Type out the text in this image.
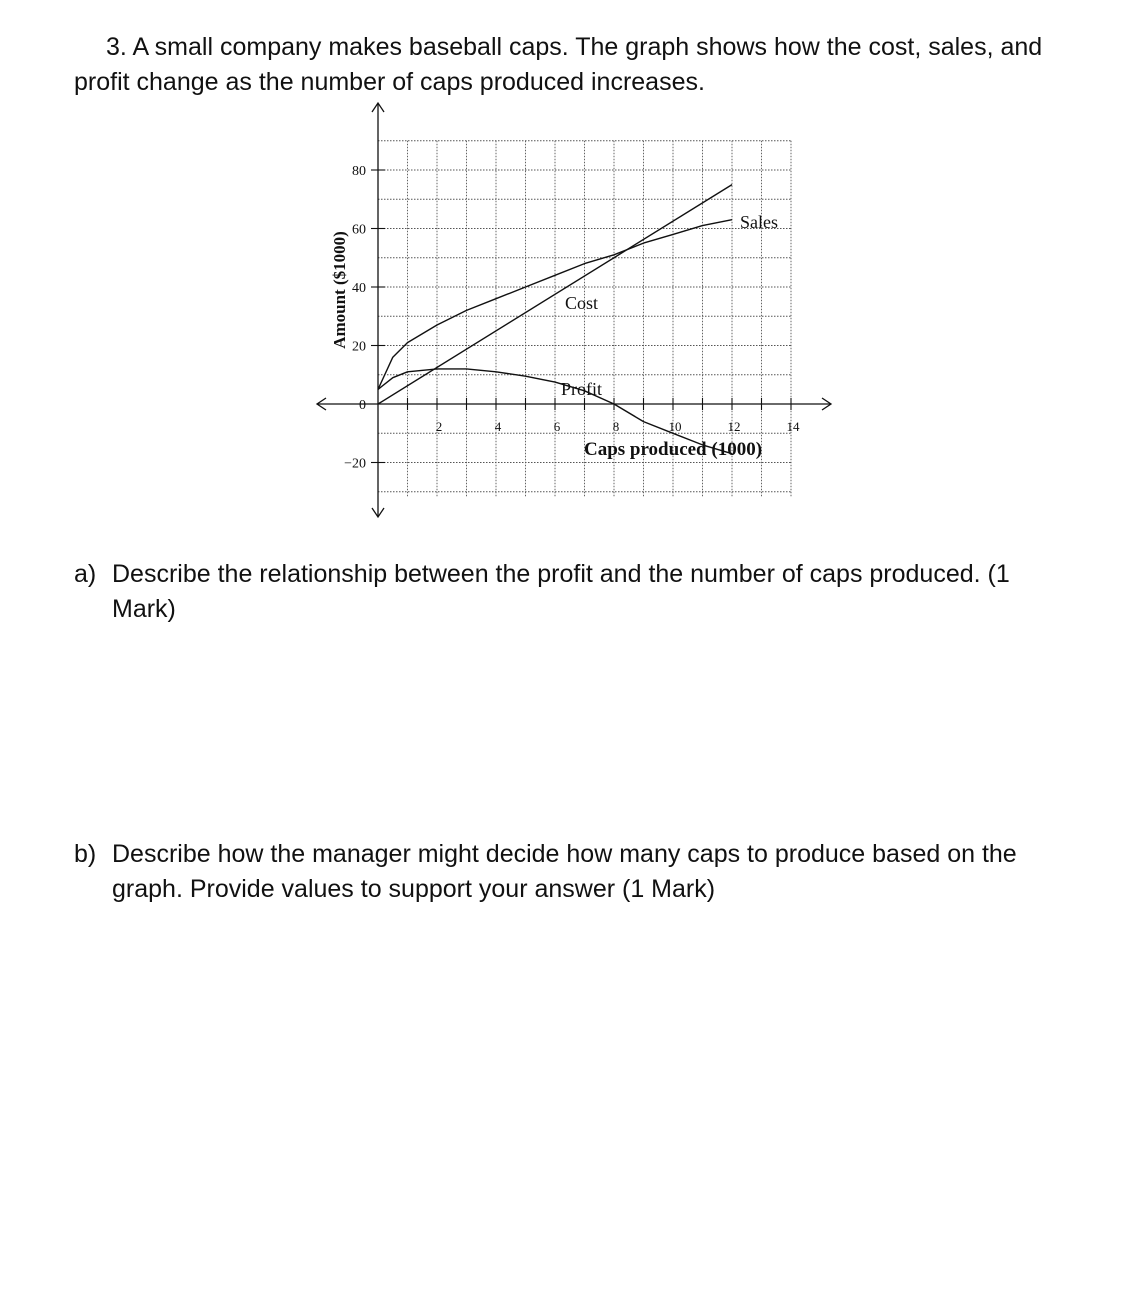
3. A small company makes baseball caps. The graph shows how the cost, sales, and profit change as the number of caps produced increases.
2	4	6	8	10	12	14
−20
0
20
40
60
80
Amount ($1000)
Caps produced (1000)
Cost
Sales
Profit
a) Describe the relationship between the profit and the number of caps produced. (1 Mark)
b) Describe how the manager might decide how many caps to produce based on the graph. Provide values to support your answer (1 Mark)
